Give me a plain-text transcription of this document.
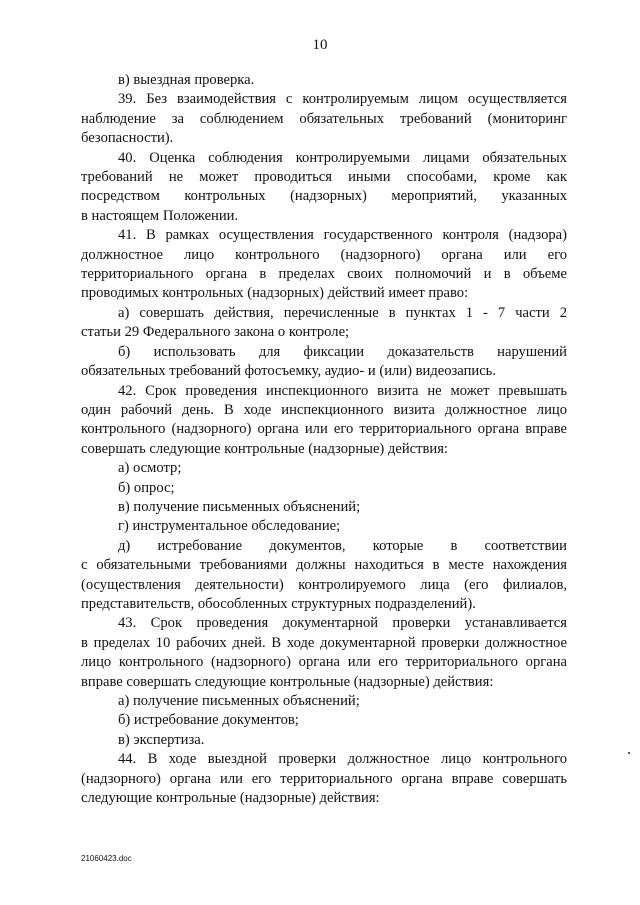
10
в) выездная проверка.
39. Без взаимодействия с контролируемым лицом осуществляется
наблюдение за соблюдением обязательных требований (мониторинг
безопасности).
40. Оценка соблюдения контролируемыми лицами обязательных
требований не может проводиться иными способами, кроме как
посредством контрольных (надзорных) мероприятий, указанных
в настоящем Положении.
41. В рамках осуществления государственного контроля (надзора)
должностное лицо контрольного (надзорного) органа или его
территориального органа в пределах своих полномочий и в объеме
проводимых контрольных (надзорных) действий имеет право:
а) совершать действия, перечисленные в пунктах 1 - 7 части 2
статьи 29 Федерального закона о контроле;
б) использовать для фиксации доказательств нарушений
обязательных требований фотосъемку, аудио- и (или) видеозапись.
42. Срок проведения инспекционного визита не может превышать
один рабочий день. В ходе инспекционного визита должностное лицо
контрольного (надзорного) органа или его территориального органа вправе
совершать следующие контрольные (надзорные) действия:
а) осмотр;
б) опрос;
в) получение письменных объяснений;
г) инструментальное обследование;
д) истребование документов, которые в соответствии
с обязательными требованиями должны находиться в месте нахождения
(осуществления деятельности) контролируемого лица (его филиалов,
представительств, обособленных структурных подразделений).
43. Срок проведения документарной проверки устанавливается
в пределах 10 рабочих дней. В ходе документарной проверки должностное
лицо контрольного (надзорного) органа или его территориального органа
вправе совершать следующие контрольные (надзорные) действия:
а) получение письменных объяснений;
б) истребование документов;
в) экспертиза.
44. В ходе выездной проверки должностное лицо контрольного
(надзорного) органа или его территориального органа вправе совершать
следующие контрольные (надзорные) действия:
21060423.doc
